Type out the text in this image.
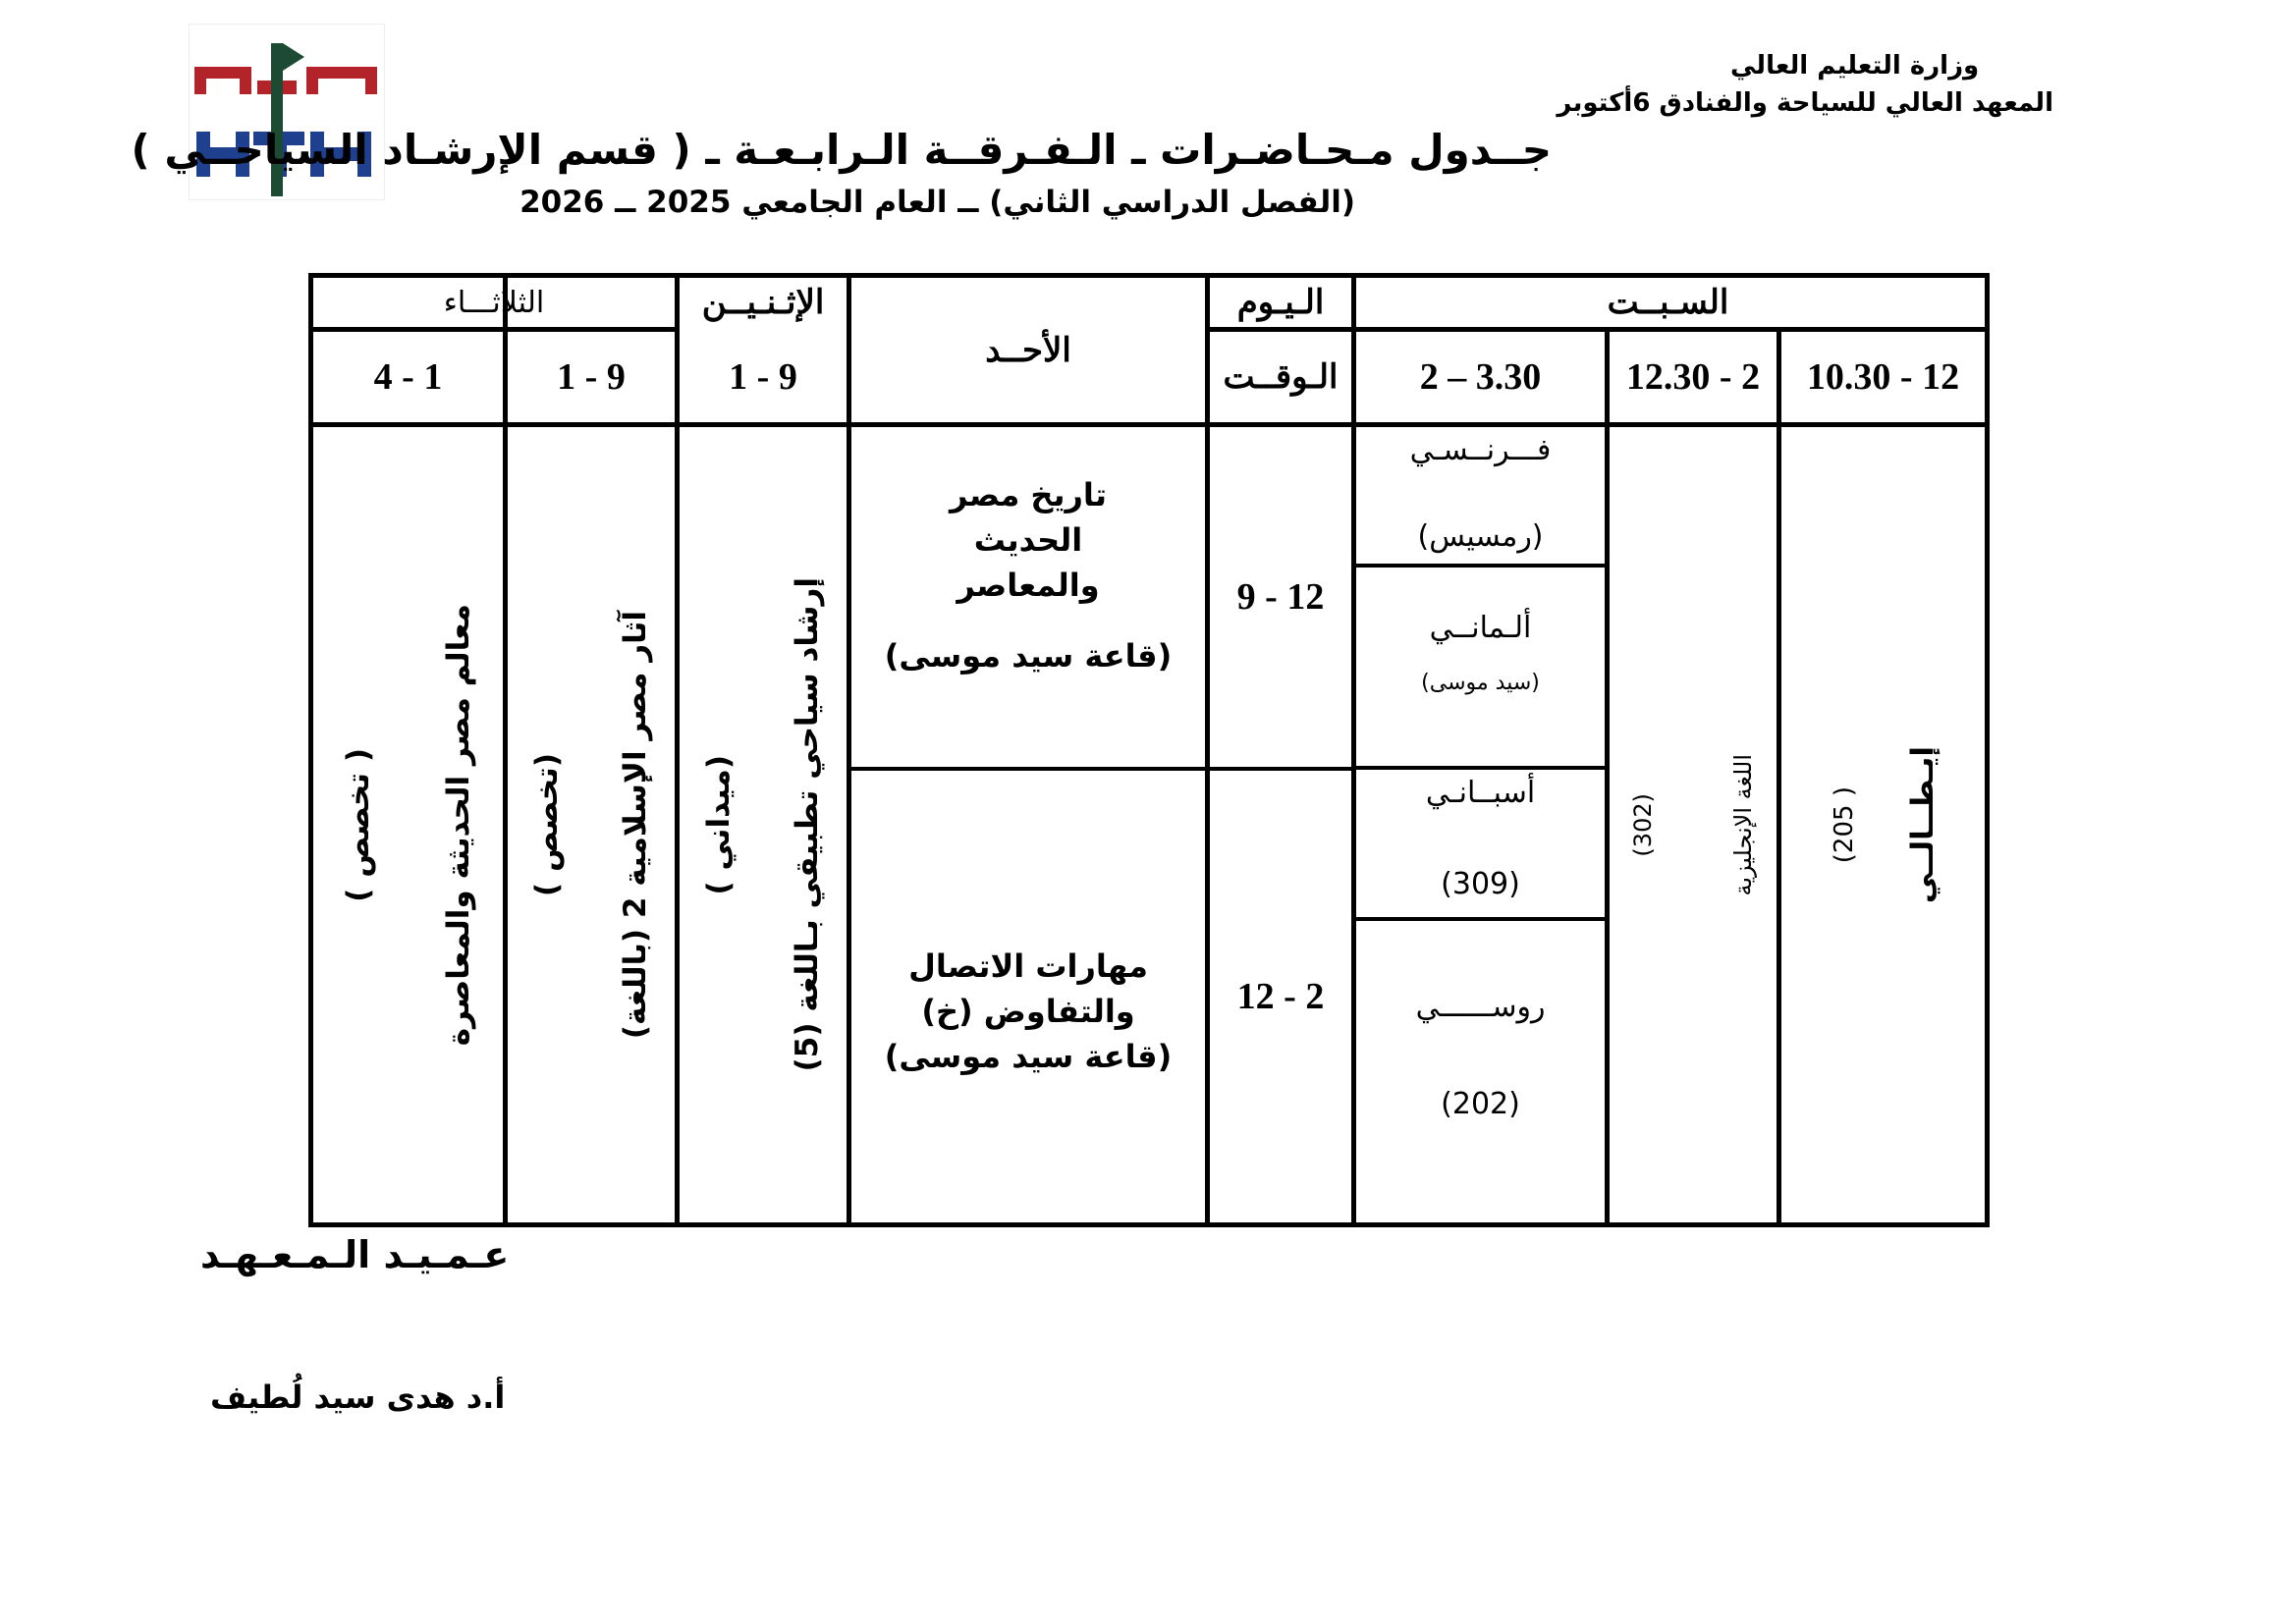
وزارة التعليم العالي
المعهد العالي للسياحة والفنادق 6أكتوبر
جــدول مـحـاضـرات ـ الـفـرقــة الـرابـعـة ـ ( قسم الإرشـاد السياحــي )
(الفصل الدراسي الثاني) ــ العام الجامعي 2025 ــ 2026
السـبــت
الـيـوم
الأحــد
الإثـنـيــن
الثلاثـــاء
12 - 10.30
2 - 12.30
3.30 – 2
الـوقــت
9 - 1
9 - 1
1 - 4
12 - 9
2 - 12
تاريخ مصر الحديث والمعاصر
(قاعة سيد موسى)
مهارات الاتصال والتفاوض (خ)
(قاعة سيد موسى)
إيـطــالــي
( 205)
اللغة الإنجليزية
(302)
فـــرنــسـي
(رمسيس)
ألـمانــي
(سيد موسى)
أسبــانـي
(309)
روســــــي
(202)
إرشاد سياحي تطبيقي بـاللغة (5)
(ميداني )
آثار مصر الإسلامية 2 (باللغة)
(تخصص )
معالم مصر الحديثة والمعاصرة
( تخصص )
عـمـيـد الـمـعـهـد
أ.د هدى سيد لُطيف
